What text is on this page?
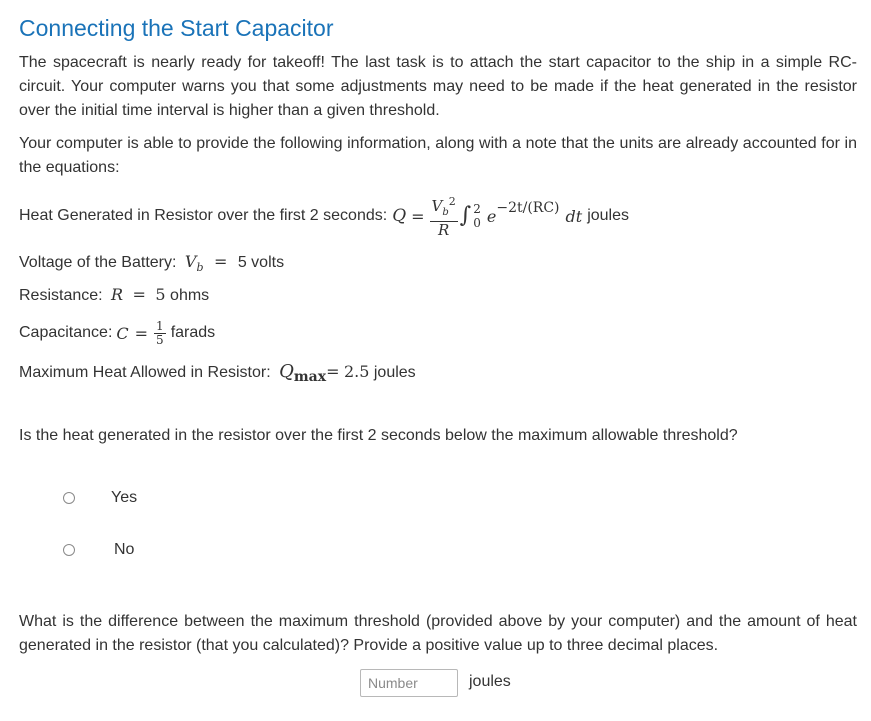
Connecting the Start Capacitor

The spacecraft is nearly ready for takeoff! The last task is to attach the start capacitor to the ship in a simple RC-circuit. Your computer warns you that some adjustments may need to be made if the heat generated in the resistor over the initial time interval is higher than a given threshold.

Your computer is able to provide the following information, along with a note that the units are already accounted for in the equations:

Heat Generated in Resistor over the first 2 seconds: $Q = \frac{V_b^2}{R}$ ∫ 2
0 e −2t/(RC) dt joules
Voltage of the Battery: $V_b = 5$ volts
Resistance: R = 5 ohms
Capacitance: $C = \frac{1}{5}$ farads
Maximum Heat Allowed in Resistor: $Q_{max}= 2.5$ joules
Is the heat generated in the resistor over the first 2 seconds below the maximum allowable threshold?
Yes
No

What is the difference between the maximum threshold (provided above by your computer) and the amount of heat generated in the resistor (that you calculated)? Provide a positive value up to three decimal places.

Number
joules
